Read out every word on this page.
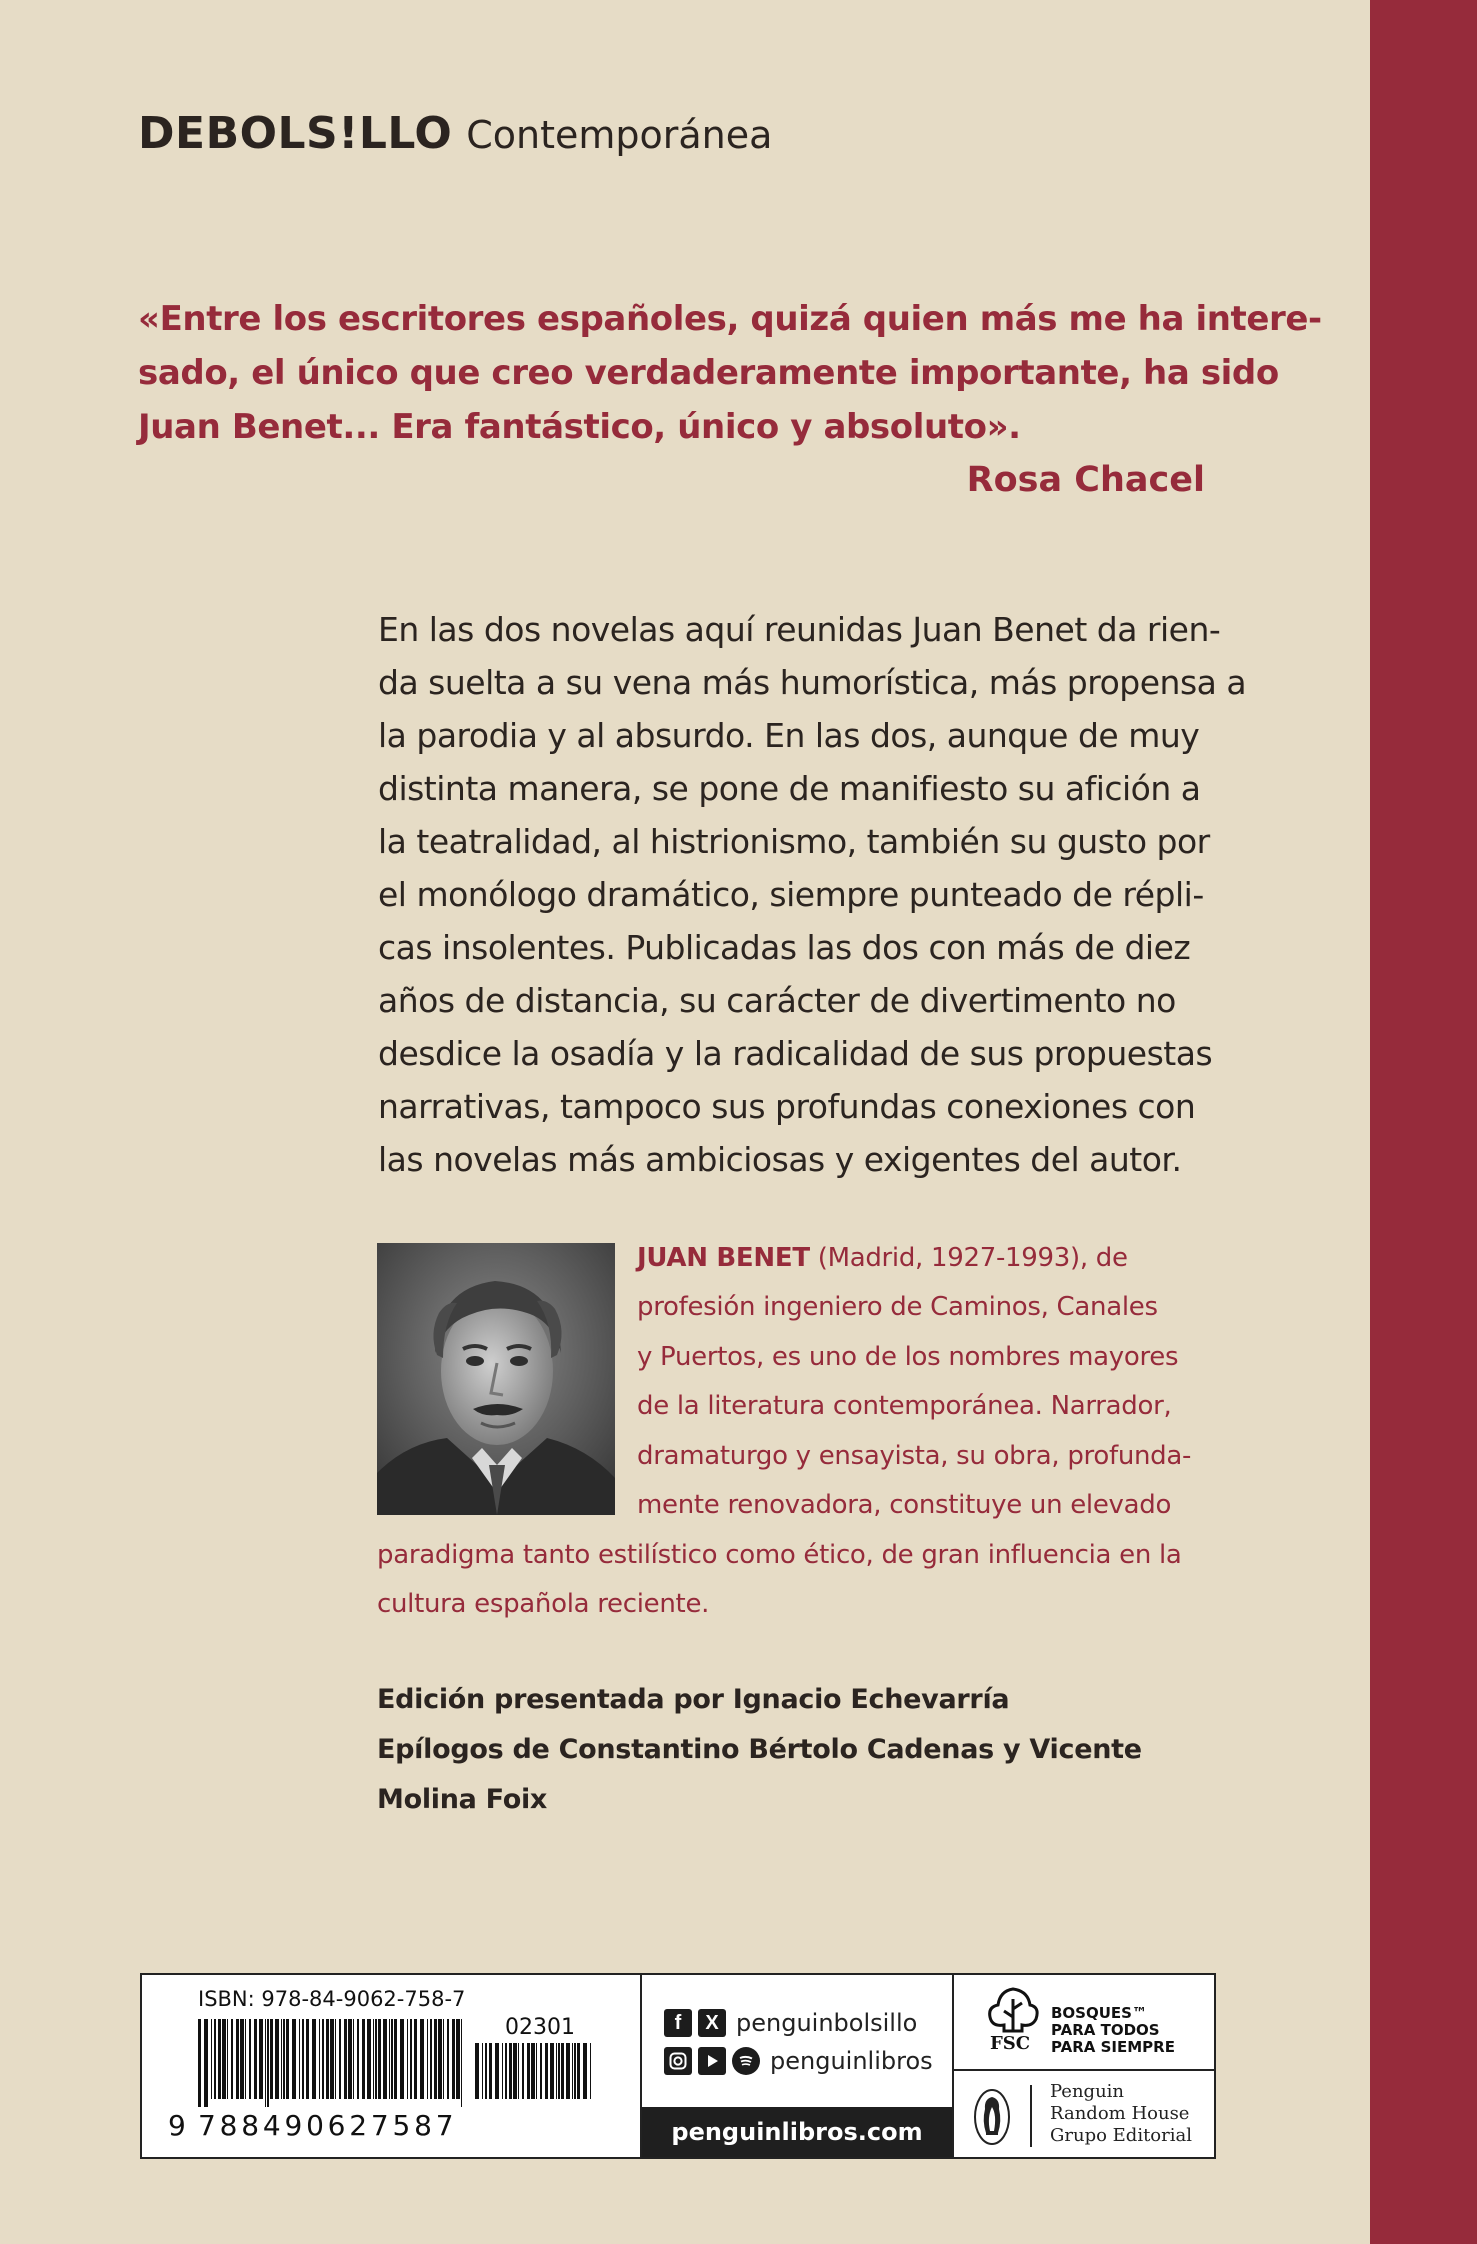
DEBOLS!LLO Contemporánea
«Entre los escritores españoles, quizá quien más me ha intere-
sado, el único que creo verdaderamente importante, ha sido
Juan Benet... Era fantástico, único y absoluto».
Rosa Chacel
En las dos novelas aquí reunidas Juan Benet da rien-
da suelta a su vena más humorística, más propensa a
la parodia y al absurdo. En las dos, aunque de muy
distinta manera, se pone de manifiesto su afición a
la teatralidad, al histrionismo, también su gusto por
el monólogo dramático, siempre punteado de répli-
cas insolentes. Publicadas las dos con más de diez
años de distancia, su carácter de divertimento no
desdice la osadía y la radicalidad de sus propuestas
narrativas, tampoco sus profundas conexiones con
las novelas más ambiciosas y exigentes del autor.
JUAN BENET (Madrid, 1927-1993), de
profesión ingeniero de Caminos, Canales
y Puertos, es uno de los nombres mayores
de la literatura contemporánea. Narrador,
dramaturgo y ensayista, su obra, profunda-
mente renovadora, constituye un elevado
paradigma tanto estilístico como ético, de gran influencia en la
cultura española reciente.
Edición presentada por Ignacio Echevarría
Epílogos de Constantino Bértolo Cadenas y Vicente
Molina Foix
ISBN: 978-84-9062-758-7
02301
9 788490627587
f	X penguinbolsillo
penguinlibros
penguinlibros.com
FSC
BOSQUES™
PARA TODOS
PARA SIEMPRE
Penguin
Random House
Grupo Editorial
